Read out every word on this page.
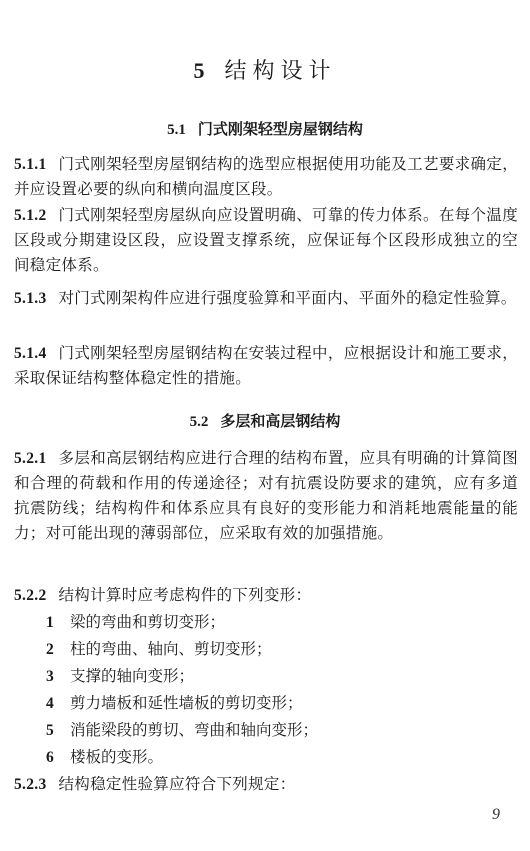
5 结构设计
5.1 门式刚架轻型房屋钢结构
5.1.1 门式刚架轻型房屋钢结构的选型应根据使用功能及工艺要求确定，并应设置必要的纵向和横向温度区段。
5.1.2 门式刚架轻型房屋纵向应设置明确、可靠的传力体系。在每个温度区段或分期建设区段，应设置支撑系统，应保证每个区段形成独立的空间稳定体系。
5.1.3 对门式刚架构件应进行强度验算和平面内、平面外的稳定性验算。
5.1.4 门式刚架轻型房屋钢结构在安装过程中，应根据设计和施工要求，采取保证结构整体稳定性的措施。
5.2 多层和高层钢结构
5.2.1 多层和高层钢结构应进行合理的结构布置，应具有明确的计算简图和合理的荷载和作用的传递途径；对有抗震设防要求的建筑，应有多道抗震防线；结构构件和体系应具有良好的变形能力和消耗地震能量的能力；对可能出现的薄弱部位，应采取有效的加强措施。
5.2.2 结构计算时应考虑构件的下列变形：
1 梁的弯曲和剪切变形；
2 柱的弯曲、轴向、剪切变形；
3 支撑的轴向变形；
4 剪力墙板和延性墙板的剪切变形；
5 消能梁段的剪切、弯曲和轴向变形；
6 楼板的变形。
5.2.3 结构稳定性验算应符合下列规定：
9
